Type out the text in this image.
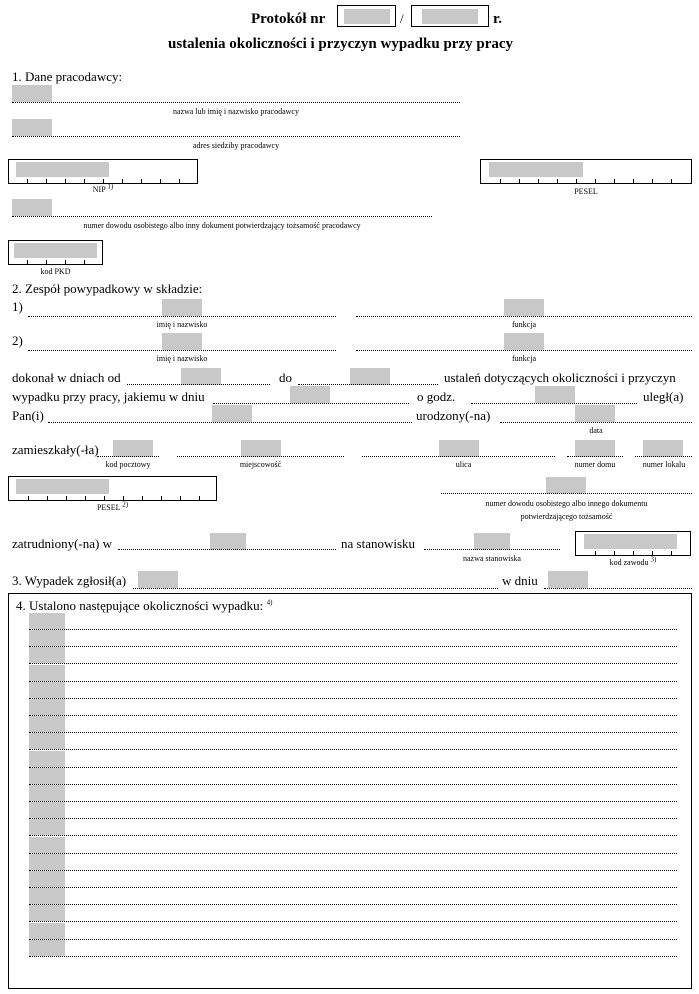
Protokół nr	/	r.
ustalenia okoliczności i przyczyn wypadku przy pracy
1. Dane pracodawcy:
nazwa lub imię i nazwisko pracodawcy
adres siedziby pracodawcy
NIP $^{1)}$
PESEL
numer dowodu osobistego albo inny dokument potwierdzający tożsamość pracodawcy
kod PKD
2. Zespół powypadkowy w składzie:
1)
imię i nazwisko	funkcja
2)
imię i nazwisko	funkcja
dokonał w dniach od	do	ustaleń dotyczących okoliczności i przyczyn
wypadku przy pracy, jakiemu w dniu	o godz.	uległ(a)
Pan(i)	urodzony(-na)
data
zamieszkały(-ła)
kod pocztowy	miejscowość	ulica	numer domu	numer lokalu
PESEL $^{2)}$	numer dowodu osobistego albo innego dokumentu
potwierdzającego tożsamość
zatrudniony(-na) w	na stanowisku
nazwa stanowiska	kod zawodu $^{3)}$
3. Wypadek zgłosił(a)	w dniu
4. Ustalono następujące okoliczności wypadku: $^{4)}$
